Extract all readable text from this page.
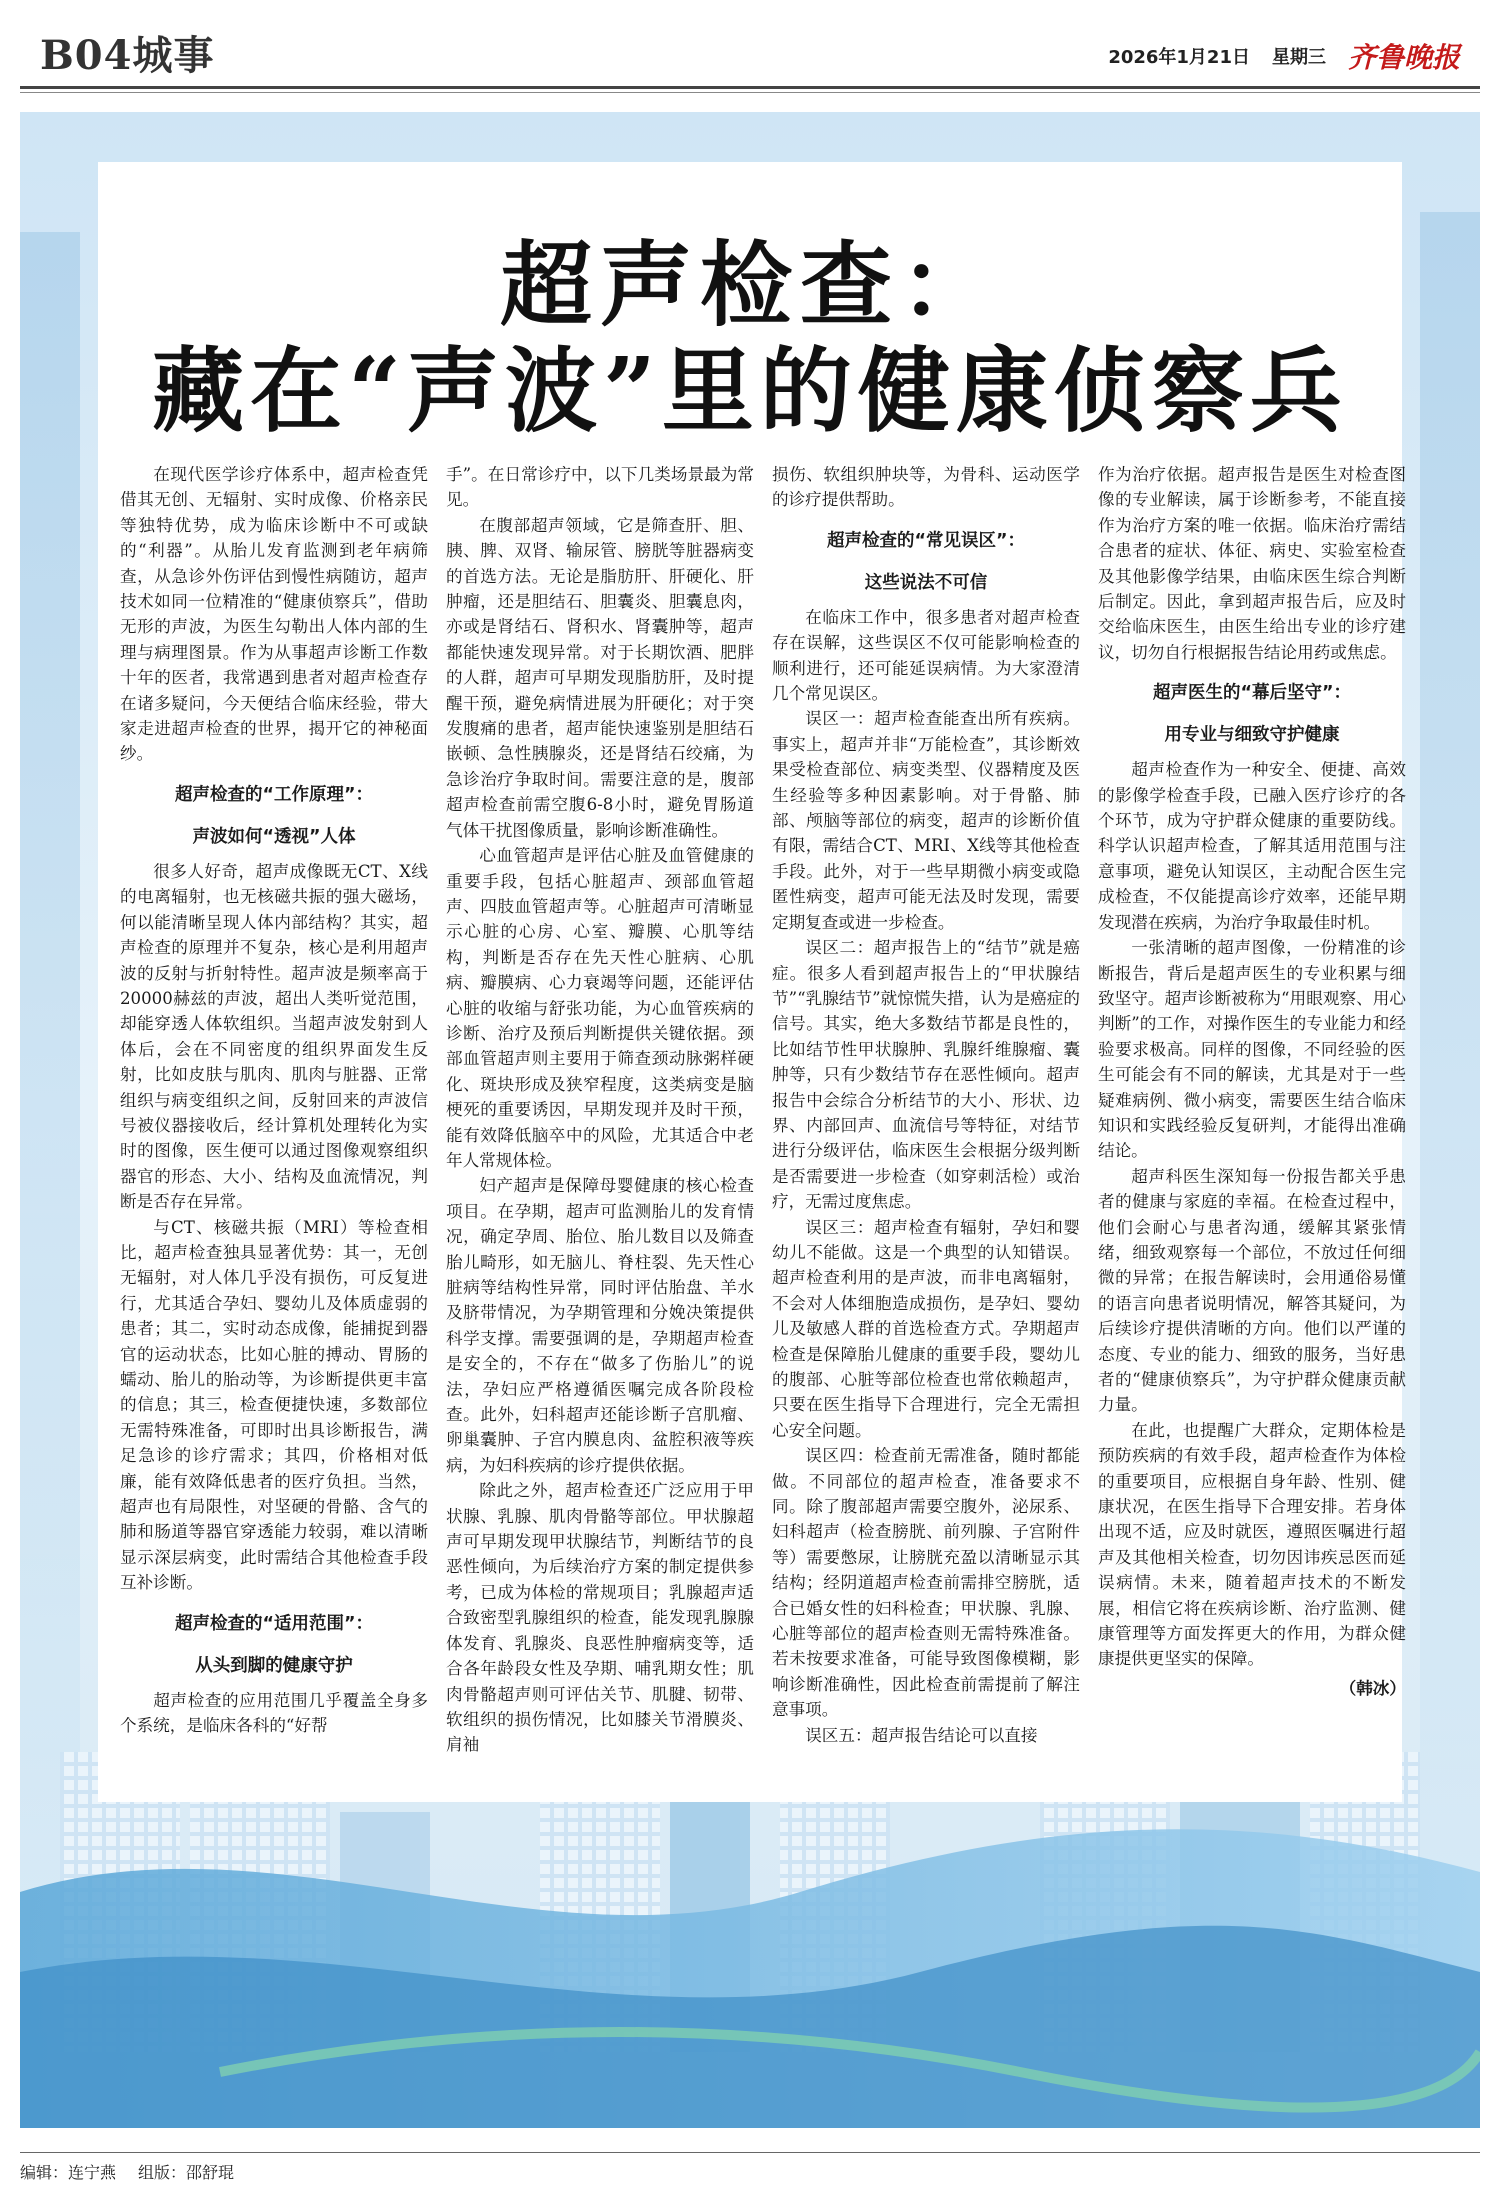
B04城事	2026年1月21日 星期三 齐鲁晚报
超声检查：
藏在“声波”里的健康侦察兵

在现代医学诊疗体系中，超声检查凭借其无创、无辐射、实时成像、价格亲民等独特优势，成为临床诊断中不可或缺的“利器”。从胎儿发育监测到老年病筛查，从急诊外伤评估到慢性病随访，超声技术如同一位精准的“健康侦察兵”，借助无形的声波，为医生勾勒出人体内部的生理与病理图景。作为从事超声诊断工作数十年的医者，我常遇到患者对超声检查存在诸多疑问，今天便结合临床经验，带大家走进超声检查的世界，揭开它的神秘面纱。

超声检查的“工作原理”：

声波如何“透视”人体

很多人好奇，超声成像既无CT、X线的电离辐射，也无核磁共振的强大磁场，何以能清晰呈现人体内部结构？其实，超声检查的原理并不复杂，核心是利用超声波的反射与折射特性。超声波是频率高于20000赫兹的声波，超出人类听觉范围，却能穿透人体软组织。当超声波发射到人体后，会在不同密度的组织界面发生反射，比如皮肤与肌肉、肌肉与脏器、正常组织与病变组织之间，反射回来的声波信号被仪器接收后，经计算机处理转化为实时的图像，医生便可以通过图像观察组织器官的形态、大小、结构及血流情况，判断是否存在异常。

与CT、核磁共振（MRI）等检查相比，超声检查独具显著优势：其一，无创无辐射，对人体几乎没有损伤，可反复进行，尤其适合孕妇、婴幼儿及体质虚弱的患者；其二，实时动态成像，能捕捉到器官的运动状态，比如心脏的搏动、胃肠的蠕动、胎儿的胎动等，为诊断提供更丰富的信息；其三，检查便捷快速，多数部位无需特殊准备，可即时出具诊断报告，满足急诊的诊疗需求；其四，价格相对低廉，能有效降低患者的医疗负担。当然，超声也有局限性，对坚硬的骨骼、含气的肺和肠道等器官穿透能力较弱，难以清晰显示深层病变，此时需结合其他检查手段互补诊断。

超声检查的“适用范围”：

从头到脚的健康守护

超声检查的应用范围几乎覆盖全身多个系统，是临床各科的“好帮

手”。在日常诊疗中，以下几类场景最为常见。

在腹部超声领域，它是筛查肝、胆、胰、脾、双肾、输尿管、膀胱等脏器病变的首选方法。无论是脂肪肝、肝硬化、肝肿瘤，还是胆结石、胆囊炎、胆囊息肉，亦或是肾结石、肾积水、肾囊肿等，超声都能快速发现异常。对于长期饮酒、肥胖的人群，超声可早期发现脂肪肝，及时提醒干预，避免病情进展为肝硬化；对于突发腹痛的患者，超声能快速鉴别是胆结石嵌顿、急性胰腺炎，还是肾结石绞痛，为急诊治疗争取时间。需要注意的是，腹部超声检查前需空腹6-8小时，避免胃肠道气体干扰图像质量，影响诊断准确性。

心血管超声是评估心脏及血管健康的重要手段，包括心脏超声、颈部血管超声、四肢血管超声等。心脏超声可清晰显示心脏的心房、心室、瓣膜、心肌等结构，判断是否存在先天性心脏病、心肌病、瓣膜病、心力衰竭等问题，还能评估心脏的收缩与舒张功能，为心血管疾病的诊断、治疗及预后判断提供关键依据。颈部血管超声则主要用于筛查颈动脉粥样硬化、斑块形成及狭窄程度，这类病变是脑梗死的重要诱因，早期发现并及时干预，能有效降低脑卒中的风险，尤其适合中老年人常规体检。

妇产超声是保障母婴健康的核心检查项目。在孕期，超声可监测胎儿的发育情况，确定孕周、胎位、胎儿数目以及筛查胎儿畸形，如无脑儿、脊柱裂、先天性心脏病等结构性异常，同时评估胎盘、羊水及脐带情况，为孕期管理和分娩决策提供科学支撑。需要强调的是，孕期超声检查是安全的，不存在“做多了伤胎儿”的说法，孕妇应严格遵循医嘱完成各阶段检查。此外，妇科超声还能诊断子宫肌瘤、卵巢囊肿、子宫内膜息肉、盆腔积液等疾病，为妇科疾病的诊疗提供依据。

除此之外，超声检查还广泛应用于甲状腺、乳腺、肌肉骨骼等部位。甲状腺超声可早期发现甲状腺结节，判断结节的良恶性倾向，为后续治疗方案的制定提供参考，已成为体检的常规项目；乳腺超声适合致密型乳腺组织的检查，能发现乳腺腺体发育、乳腺炎、良恶性肿瘤病变等，适合各年龄段女性及孕期、哺乳期女性；肌肉骨骼超声则可评估关节、肌腱、韧带、软组织的损伤情况，比如膝关节滑膜炎、肩袖

损伤、软组织肿块等，为骨科、运动医学的诊疗提供帮助。

超声检查的“常见误区”：

这些说法不可信

在临床工作中，很多患者对超声检查存在误解，这些误区不仅可能影响检查的顺利进行，还可能延误病情。为大家澄清几个常见误区。

误区一：超声检查能查出所有疾病。事实上，超声并非“万能检查”，其诊断效果受检查部位、病变类型、仪器精度及医生经验等多种因素影响。对于骨骼、肺部、颅脑等部位的病变，超声的诊断价值有限，需结合CT、MRI、X线等其他检查手段。此外，对于一些早期微小病变或隐匿性病变，超声可能无法及时发现，需要定期复查或进一步检查。

误区二：超声报告上的“结节”就是癌症。很多人看到超声报告上的“甲状腺结节”“乳腺结节”就惊慌失措，认为是癌症的信号。其实，绝大多数结节都是良性的，比如结节性甲状腺肿、乳腺纤维腺瘤、囊肿等，只有少数结节存在恶性倾向。超声报告中会综合分析结节的大小、形状、边界、内部回声、血流信号等特征，对结节进行分级评估，临床医生会根据分级判断是否需要进一步检查（如穿刺活检）或治疗，无需过度焦虑。

误区三：超声检查有辐射，孕妇和婴幼儿不能做。这是一个典型的认知错误。超声检查利用的是声波，而非电离辐射，不会对人体细胞造成损伤，是孕妇、婴幼儿及敏感人群的首选检查方式。孕期超声检查是保障胎儿健康的重要手段，婴幼儿的腹部、心脏等部位检查也常依赖超声，只要在医生指导下合理进行，完全无需担心安全问题。

误区四：检查前无需准备，随时都能做。不同部位的超声检查，准备要求不同。除了腹部超声需要空腹外，泌尿系、妇科超声（检查膀胱、前列腺、子宫附件等）需要憋尿，让膀胱充盈以清晰显示其结构；经阴道超声检查前需排空膀胱，适合已婚女性的妇科检查；甲状腺、乳腺、心脏等部位的超声检查则无需特殊准备。若未按要求准备，可能导致图像模糊，影响诊断准确性，因此检查前需提前了解注意事项。

误区五：超声报告结论可以直接

作为治疗依据。超声报告是医生对检查图像的专业解读，属于诊断参考，不能直接作为治疗方案的唯一依据。临床治疗需结合患者的症状、体征、病史、实验室检查及其他影像学结果，由临床医生综合判断后制定。因此，拿到超声报告后，应及时交给临床医生，由医生给出专业的诊疗建议，切勿自行根据报告结论用药或焦虑。

超声医生的“幕后坚守”：

用专业与细致守护健康

超声检查作为一种安全、便捷、高效的影像学检查手段，已融入医疗诊疗的各个环节，成为守护群众健康的重要防线。科学认识超声检查，了解其适用范围与注意事项，避免认知误区，主动配合医生完成检查，不仅能提高诊疗效率，还能早期发现潜在疾病，为治疗争取最佳时机。

一张清晰的超声图像，一份精准的诊断报告，背后是超声医生的专业积累与细致坚守。超声诊断被称为“用眼观察、用心判断”的工作，对操作医生的专业能力和经验要求极高。同样的图像，不同经验的医生可能会有不同的解读，尤其是对于一些疑难病例、微小病变，需要医生结合临床知识和实践经验反复研判，才能得出准确结论。

超声科医生深知每一份报告都关乎患者的健康与家庭的幸福。在检查过程中，他们会耐心与患者沟通，缓解其紧张情绪，细致观察每一个部位，不放过任何细微的异常；在报告解读时，会用通俗易懂的语言向患者说明情况，解答其疑问，为后续诊疗提供清晰的方向。他们以严谨的态度、专业的能力、细致的服务，当好患者的“健康侦察兵”，为守护群众健康贡献力量。

在此，也提醒广大群众，定期体检是预防疾病的有效手段，超声检查作为体检的重要项目，应根据自身年龄、性别、健康状况，在医生指导下合理安排。若身体出现不适，应及时就医，遵照医嘱进行超声及其他相关检查，切勿因讳疾忌医而延误病情。未来，随着超声技术的不断发展，相信它将在疾病诊断、治疗监测、健康管理等方面发挥更大的作用，为群众健康提供更坚实的保障。

（韩冰）

编辑：连宁燕 组版：邵舒琨
